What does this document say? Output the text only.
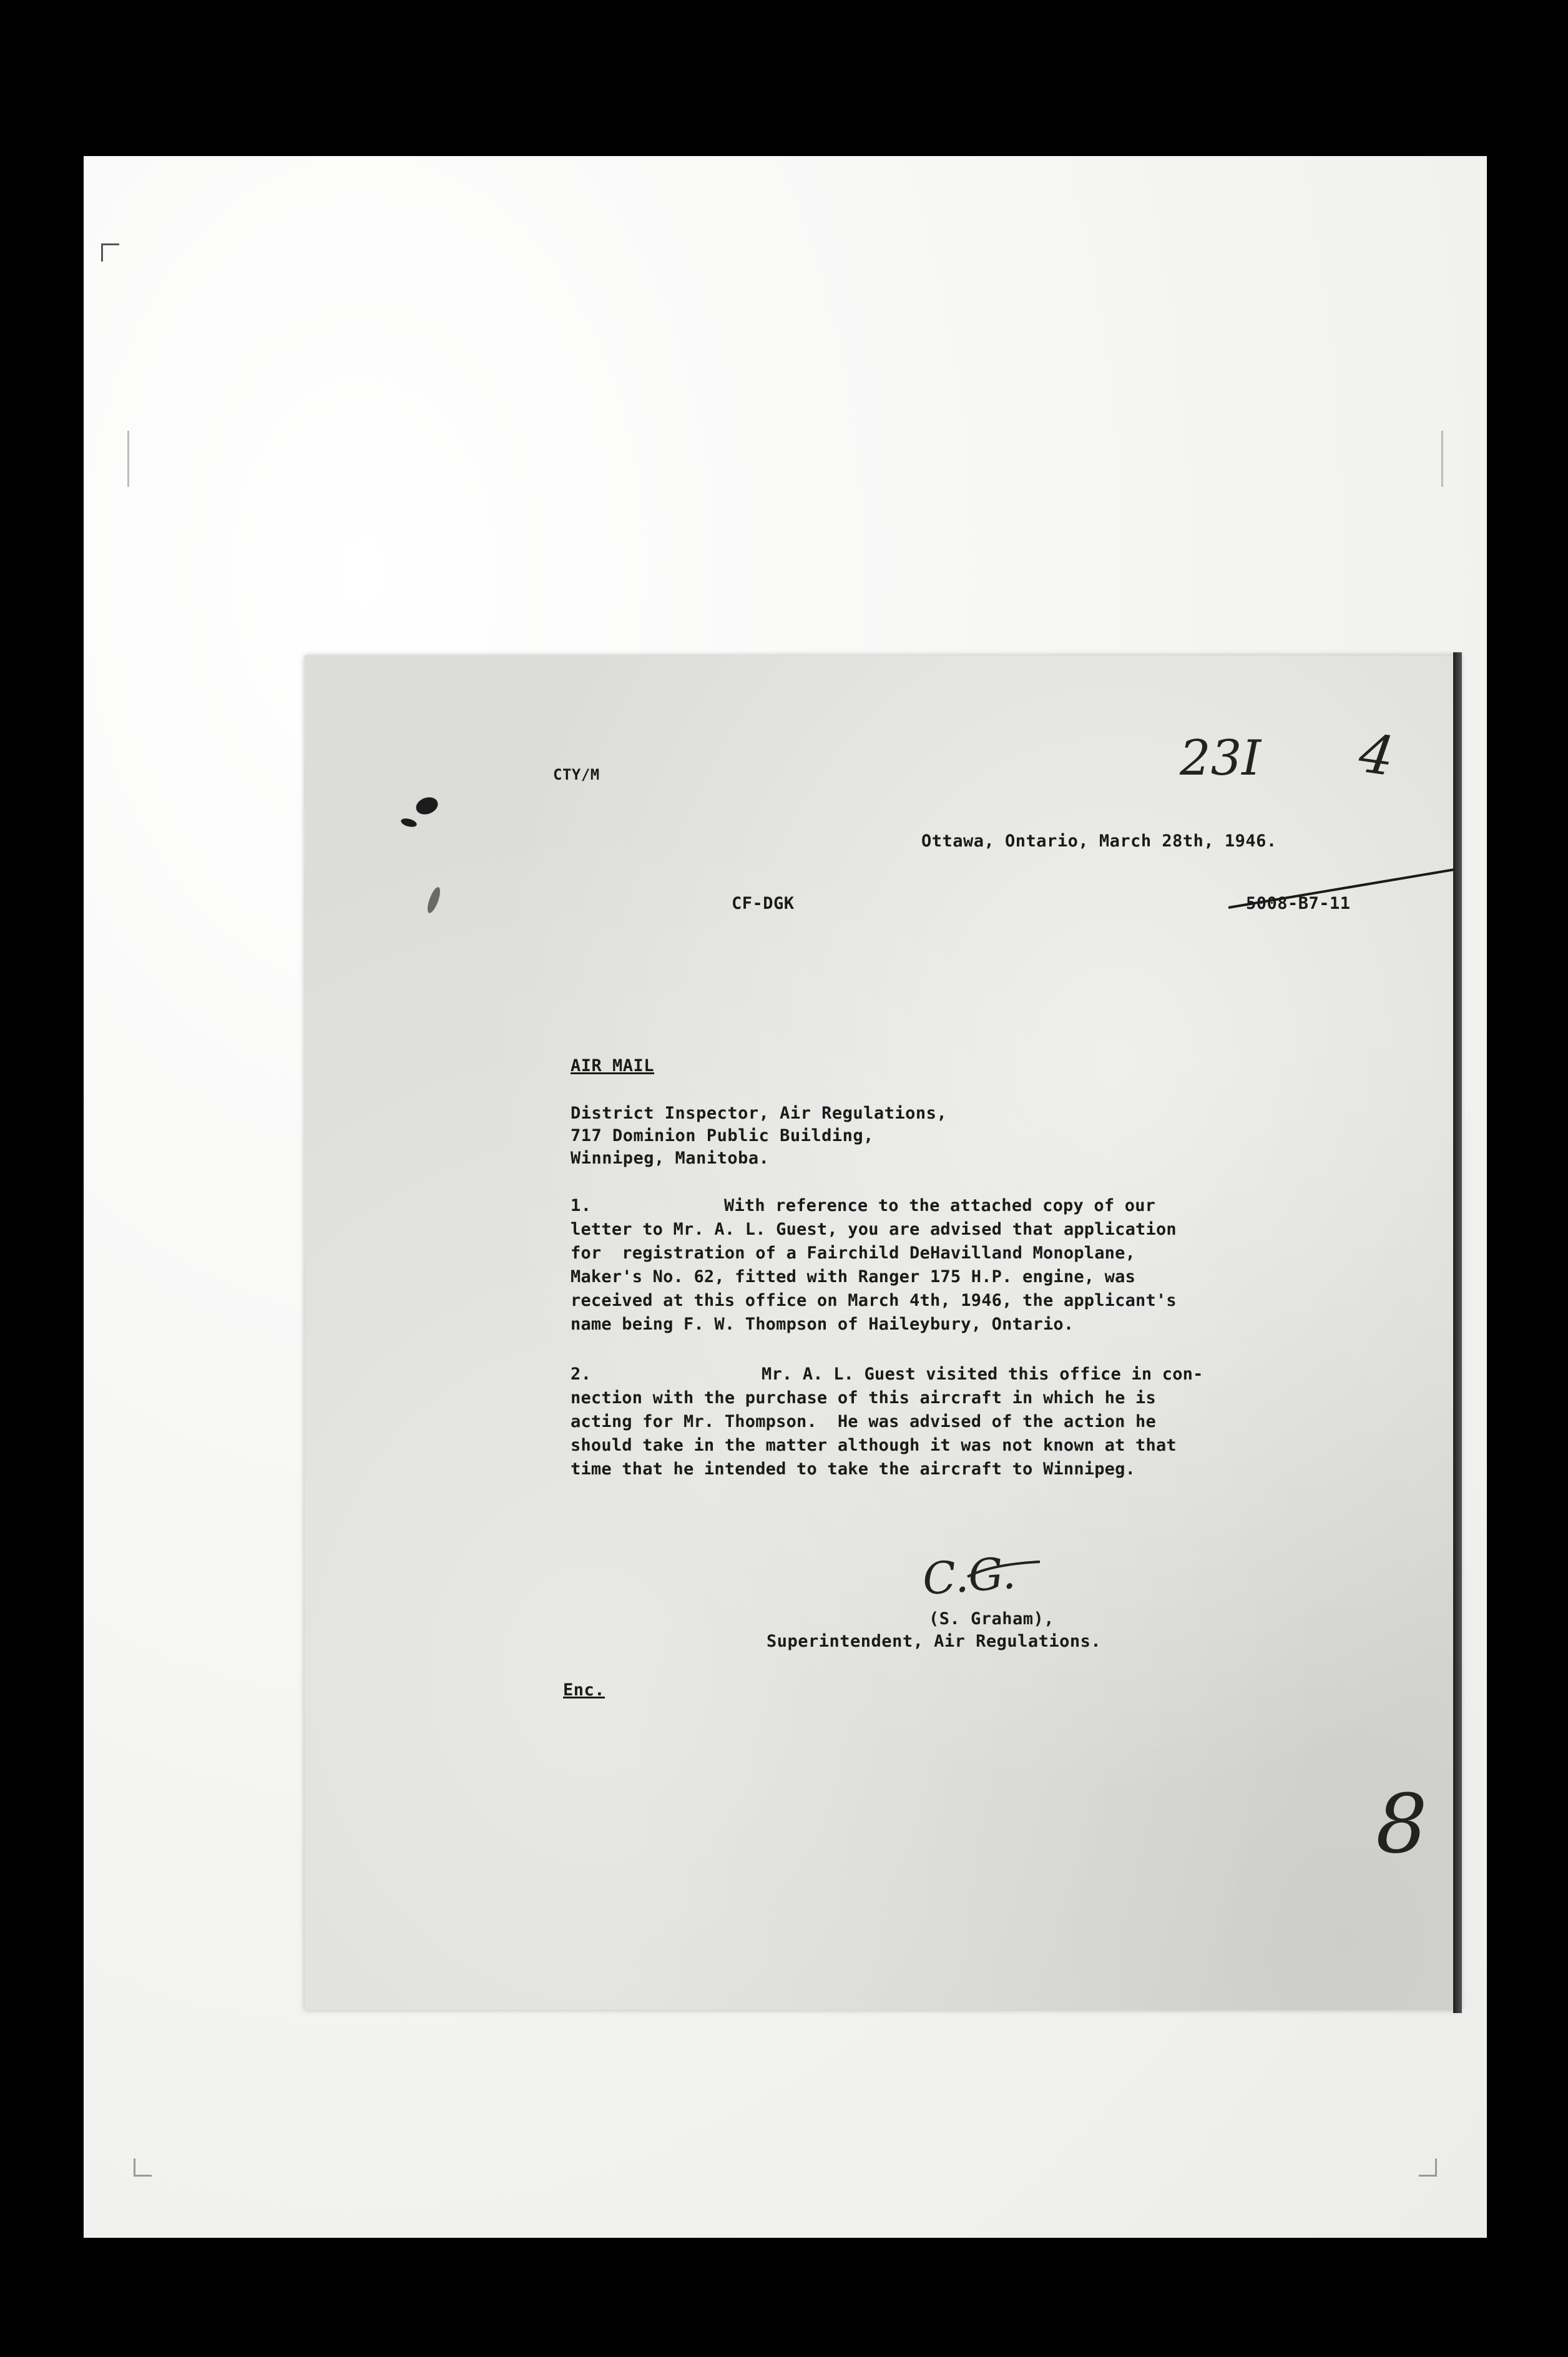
CTY/M	23I 4
Ottawa, Ontario, March 28th, 1946.
CF-DGK	5008-B7-11
AIR MAIL
District Inspector, Air Regulations,
717 Dominion Public Building,
Winnipeg, Manitoba.
1.	With reference to the attached copy of our
letter to Mr. A. L. Guest, you are advised that application
for  registration of a Fairchild DeHavilland Monoplane,
Maker's No. 62, fitted with Ranger 175 H.P. engine, was
received at this office on March 4th, 1946, the applicant's
name being F. W. Thompson of Haileybury, Ontario.
2.	Mr. A. L. Guest visited this office in con-
nection with the purchase of this aircraft in which he is
acting for Mr. Thompson.  He was advised of the action he
should take in the matter although it was not known at that
time that he intended to take the aircraft to Winnipeg.
C.G.
(S. Graham),
Superintendent, Air Regulations.
Enc.
8
